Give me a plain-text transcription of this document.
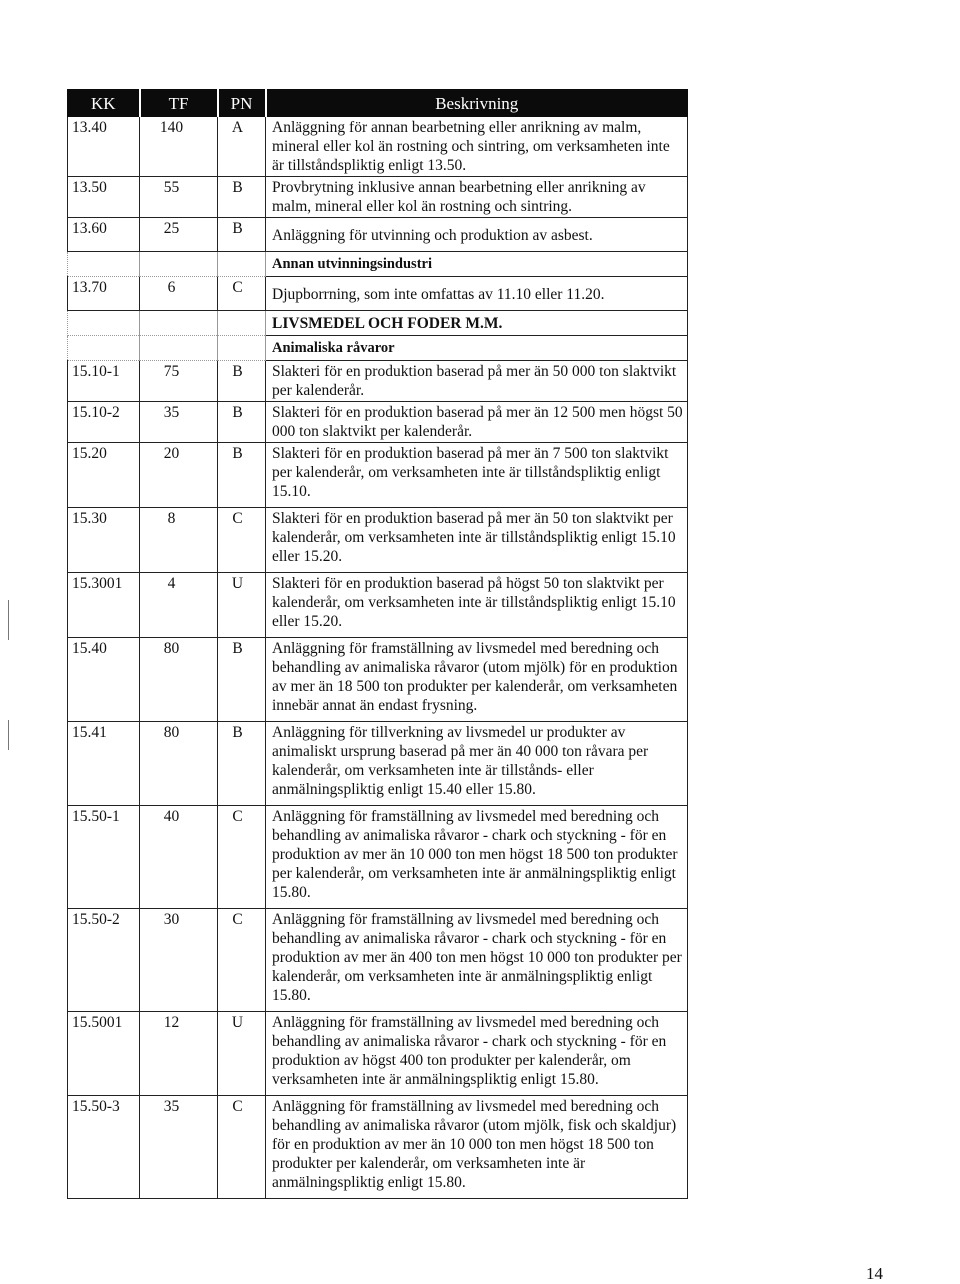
KK	TF	PN	Beskrivning
13.40	140	A	Anläggning för annan bearbetning eller anrikning av malm, mineral eller kol än rostning och sintring, om verksamheten inte är tillståndspliktig enligt 13.50.
13.50	55	B	Provbrytning inklusive annan bearbetning eller anrikning av malm, mineral eller kol än rostning och sintring.
13.60	25	B	Anläggning för utvinning och produktion av asbest.
			Annan utvinningsindustri
13.70	6	C	Djupborrning, som inte omfattas av 11.10 eller 11.20.
			LIVSMEDEL OCH FODER M.M.
			Animaliska råvaror
15.10-1	75	B	Slakteri för en produktion baserad på mer än 50 000 ton slaktvikt per kalenderår.
15.10-2	35	B	Slakteri för en produktion baserad på mer än 12 500 men högst 50 000 ton slaktvikt per kalenderår.
15.20	20	B	Slakteri för en produktion baserad på mer än 7 500 ton slaktvikt per kalenderår, om verksamheten inte är tillståndspliktig enligt 15.10.
15.30	8	C	Slakteri för en produktion baserad på mer än 50 ton slaktvikt per kalenderår, om verksamheten inte är tillståndspliktig enligt 15.10 eller 15.20.
15.3001	4	U	Slakteri för en produktion baserad på högst 50 ton slaktvikt per kalenderår, om verksamheten inte är tillståndspliktig enligt 15.10 eller 15.20.
15.40	80	B	Anläggning för framställning av livsmedel med beredning och behandling av animaliska råvaror (utom mjölk) för en produktion av mer än 18 500 ton produkter per kalenderår, om verksamheten innebär annat än endast frysning.
15.41	80	B	Anläggning för tillverkning av livsmedel ur produkter av animaliskt ursprung baserad på mer än 40 000 ton råvara per kalenderår, om verksamheten inte är tillstånds- eller anmälningspliktig enligt 15.40 eller 15.80.
15.50-1	40	C	Anläggning för framställning av livsmedel med beredning och behandling av animaliska råvaror - chark och styckning - för en produktion av mer än 10 000 ton men högst 18 500 ton produkter per kalenderår, om verksamheten inte är anmälningspliktig enligt 15.80.
15.50-2	30	C	Anläggning för framställning av livsmedel med beredning och behandling av animaliska råvaror - chark och styckning - för en produktion av mer än 400 ton men högst 10 000 ton produkter per kalenderår, om verksamheten inte är anmälningspliktig enligt 15.80.
15.5001	12	U	Anläggning för framställning av livsmedel med beredning och behandling av animaliska råvaror - chark och styckning - för en produktion av högst 400 ton produkter per kalenderår, om verksamheten inte är anmälningspliktig enligt 15.80.
15.50-3	35	C	Anläggning för framställning av livsmedel med beredning och behandling av animaliska råvaror (utom mjölk, fisk och skaldjur) för en produktion av mer än 10 000 ton men högst 18 500 ton produkter per kalenderår, om verksamheten inte är anmälningspliktig enligt 15.80.
14
